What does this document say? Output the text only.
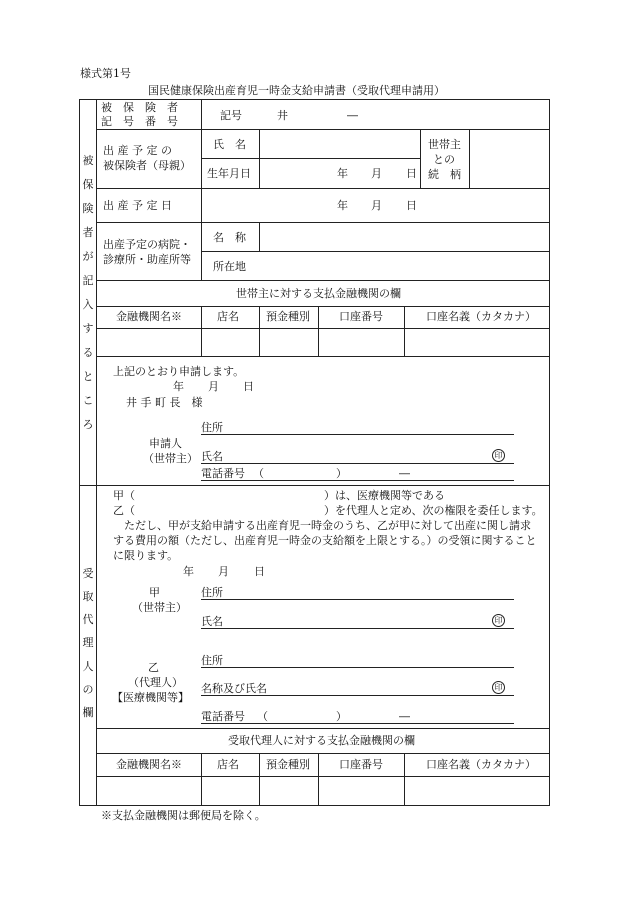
様式第1号
国民健康保険出産育児一時金支給申請書（受取代理申請用）
被
保
険
者
が
記
入
す
る
と
こ
ろ
被　保　険　者
記　号　番　号	記号	井	―
出 産 予 定 の
被保険者（母親）
氏　名
生年月日	年 月 日
世帯主
との
続　柄
出 産 予 定 日	年 月 日
出産予定の病院・
診療所・助産所等
名　称
所在地
世帯主に対する支払金融機関の欄
金融機関名※	店名 預金種別	口座番号	口座名義（カタカナ）
上記のとおり申請します。
年 月 日
井 手 町 長　様
申請人
（世帯主）
住所
氏名	印
電話番号 （	）	―
受
取
代
理
人
の
欄
甲（	）は、医療機関等である
乙（	）を代理人と定め、次の権限を委任します。
ただし、甲が支給申請する出産育児一時金のうち、乙が甲に対して出産に関し請求
する費用の額（ただし、出産育児一時金の支給額を上限とする。）の受領に関すること
に限ります。
年 月 日
甲
（世帯主）
住所
氏名	印
乙
（代理人）
【医療機関等】
住所
名称及び氏名	印
電話番号 （	）	―
受取代理人に対する支払金融機関の欄
金融機関名※	店名 預金種別	口座番号	口座名義（カタカナ）
※支払金融機関は郵便局を除く。
